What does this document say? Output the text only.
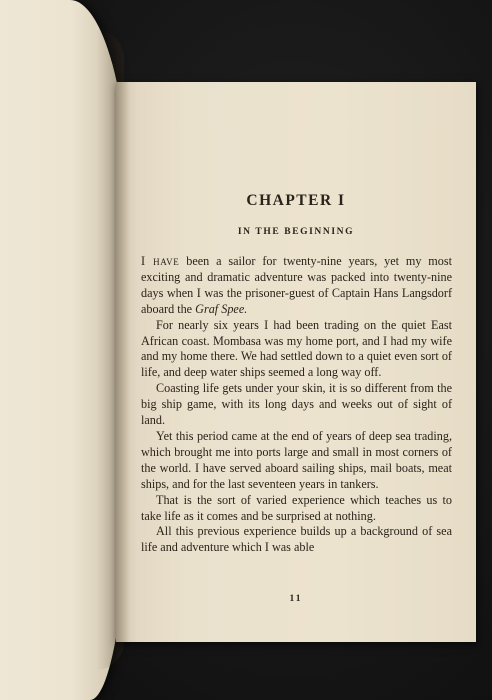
CHAPTER I
IN THE BEGINNING

I have been a sailor for twenty-nine years, yet my most exciting and dramatic adventure was packed into twenty-nine days when I was the prisoner-guest of Captain Hans Langsdorf aboard the Graf Spee.

For nearly six years I had been trading on the quiet East African coast. Mombasa was my home port, and I had my wife and my home there. We had settled down to a quiet even sort of life, and deep water ships seemed a long way off.

Coasting life gets under your skin, it is so different from the big ship game, with its long days and weeks out of sight of land.

Yet this period came at the end of years of deep sea trading, which brought me into ports large and small in most corners of the world. I have served aboard sailing ships, mail boats, meat ships, and for the last seventeen years in tankers.

That is the sort of varied experience which teaches us to take life as it comes and be surprised at nothing.

All this previous experience builds up a background of sea life and adventure which I was able

11
